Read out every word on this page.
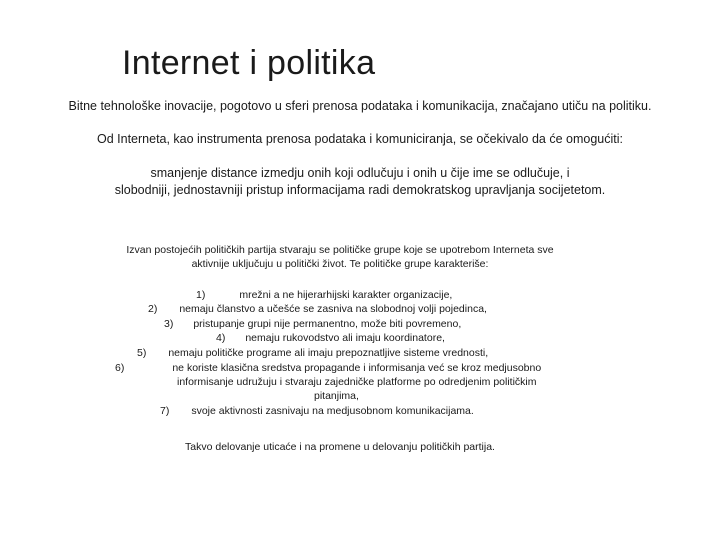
Internet i politika
Bitne tehnološke inovacije, pogotovo u sferi prenosa podataka i komunikacija, značajano utiču na politiku.
Od Interneta, kao instrumenta prenosa podataka i komuniciranja, se očekivalo da će omogućiti:
smanjenje distance izmedju onih koji odlučuju i onih u čije ime se odlučuje, i
slobodniji, jednostavniji pristup informacijama radi demokratskog upravljanja socijetetom.
Izvan postojećih političkih partija stvaraju se političke grupe koje se upotrebom Interneta sve
aktivnije uključuju u politički život. Te političke grupe karakteriše:
1)	mrežni a ne hijerarhijski karakter organizacije,
2) nemaju članstvo a učešće se zasniva na slobodnoj volji pojedinca,
3) pristupanje grupi nije permanentno, može biti povremeno,
4) nemaju rukovodstvo ali imaju koordinatore,
5) nemaju političke programe ali imaju prepoznatljive sisteme vrednosti,
6)	ne koriste klasična sredstva propagande i informisanja već se kroz medjusobno
informisanje udružuju i stvaraju zajedničke platforme po odredjenim političkim
pitanjima,
7) svoje aktivnosti zasnivaju na medjusobnom komunikacijama.
Takvo delovanje uticaće i na promene u delovanju političkih partija.
